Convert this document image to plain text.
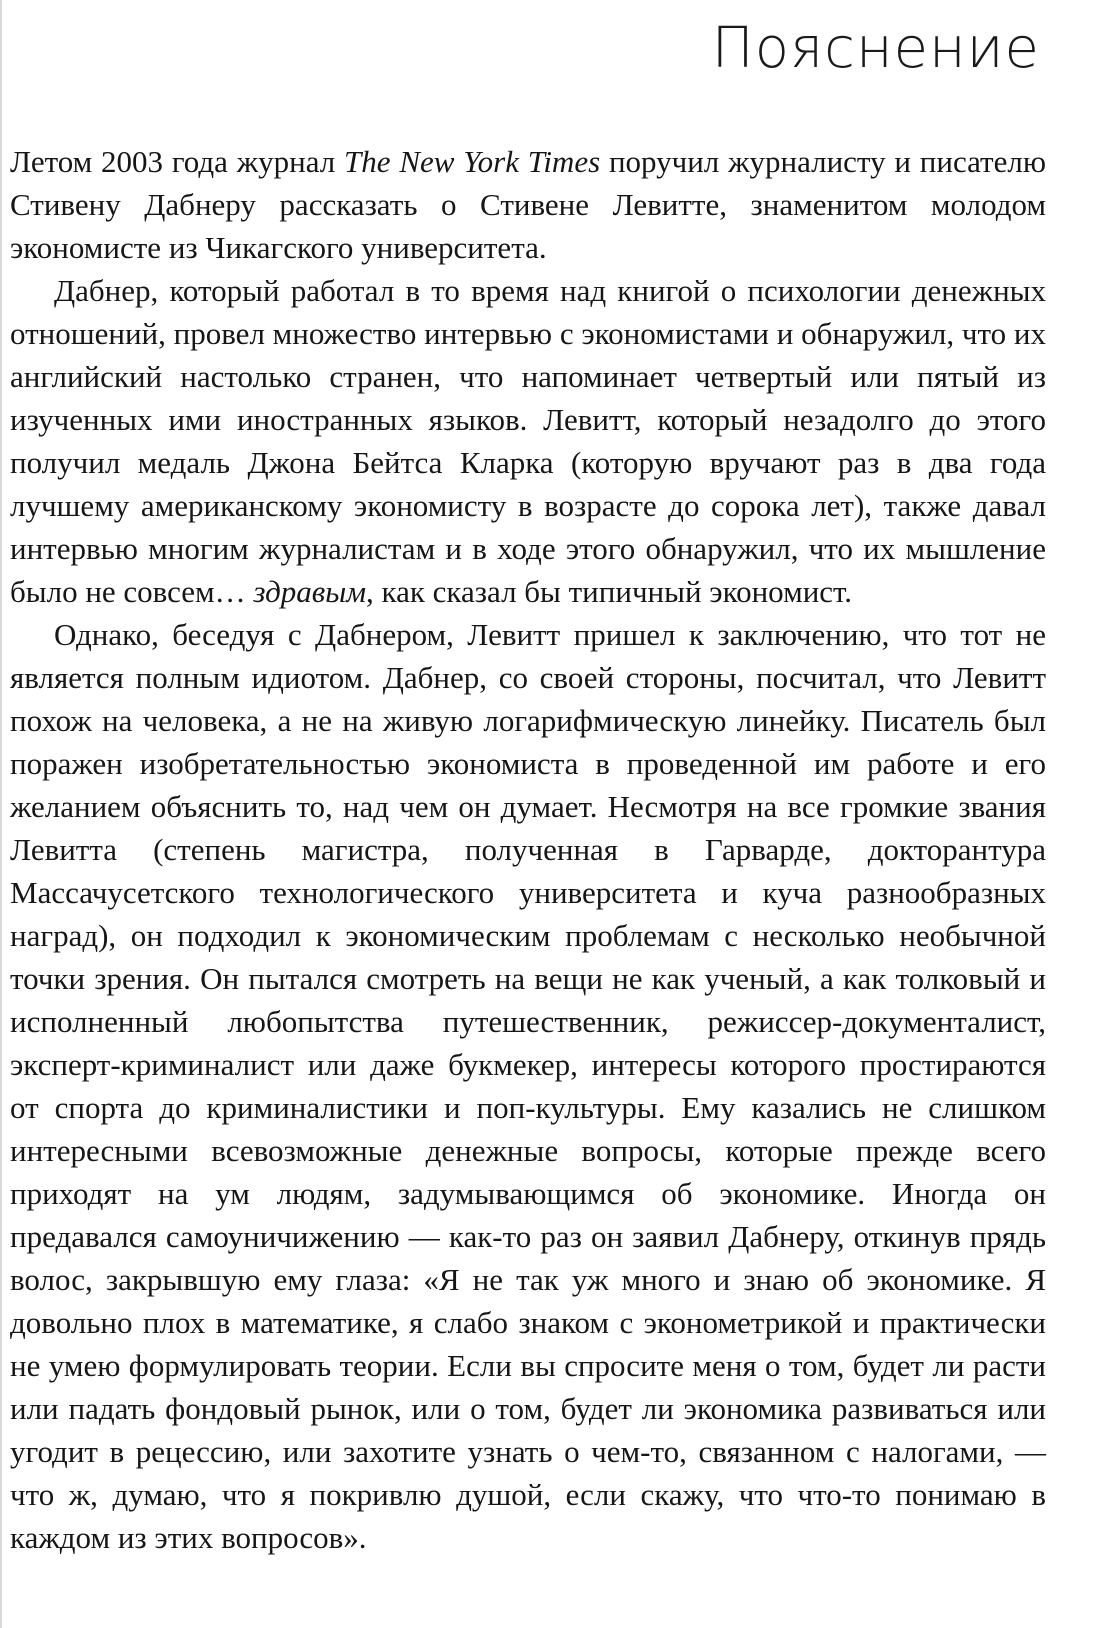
Пояснение

Летом 2003 года журнал The New York Times поручил журналисту и писателю Стивену Дабнеру рассказать о Стивене Левитте, знаменитом молодом экономисте из Чикагского университета.

Дабнер, который работал в то время над книгой о психологии денежных отношений, провел множество интервью с экономистами и обнаружил, что их английский настолько странен, что напоминает четвертый или пятый из изученных ими иностранных языков. Левитт, который незадолго до этого получил медаль Джона Бейтса Кларка (которую вручают раз в два года лучшему американскому экономисту в возрасте до сорока лет), также давал интервью многим журналистам и в ходе этого обнаружил, что их мышление было не совсем… здравым, как сказал бы типичный экономист.

Однако, беседуя с Дабнером, Левитт пришел к заключению, что тот не является полным идиотом. Дабнер, со своей стороны, посчитал, что Левитт похож на человека, а не на живую логарифмическую линейку. Писатель был поражен изобретательностью экономиста в проведенной им работе и его желанием объяснить то, над чем он думает. Несмотря на все громкие звания Левитта (степень магистра, полученная в Гарварде, докторантура Массачусетского технологического университета и куча разнообразных наград), он подходил к экономическим проблемам с несколько необычной точки зрения. Он пытался смотреть на вещи не как ученый, а как толковый и исполненный любопытства путешественник, режиссер-документалист, эксперт-криминалист или даже букмекер, интересы которого простираются от спорта до криминалистики и поп-культуры. Ему казались не слишком интересными всевозможные денежные вопросы, которые прежде всего приходят на ум людям, задумывающимся об экономике. Иногда он предавался самоуничижению — как-то раз он заявил Дабнеру, откинув прядь волос, закрывшую ему глаза: «Я не так уж много и знаю об экономике. Я довольно плох в математике, я слабо знаком с эконометрикой и практически не умею формулировать теории. Если вы спросите меня о том, будет ли расти или падать фондовый рынок, или о том, будет ли экономика развиваться или угодит в рецессию, или захотите узнать о чем-то, связанном с налогами, — что ж, думаю, что я покривлю душой, если скажу, что что-то понимаю в каждом из этих вопросов».
